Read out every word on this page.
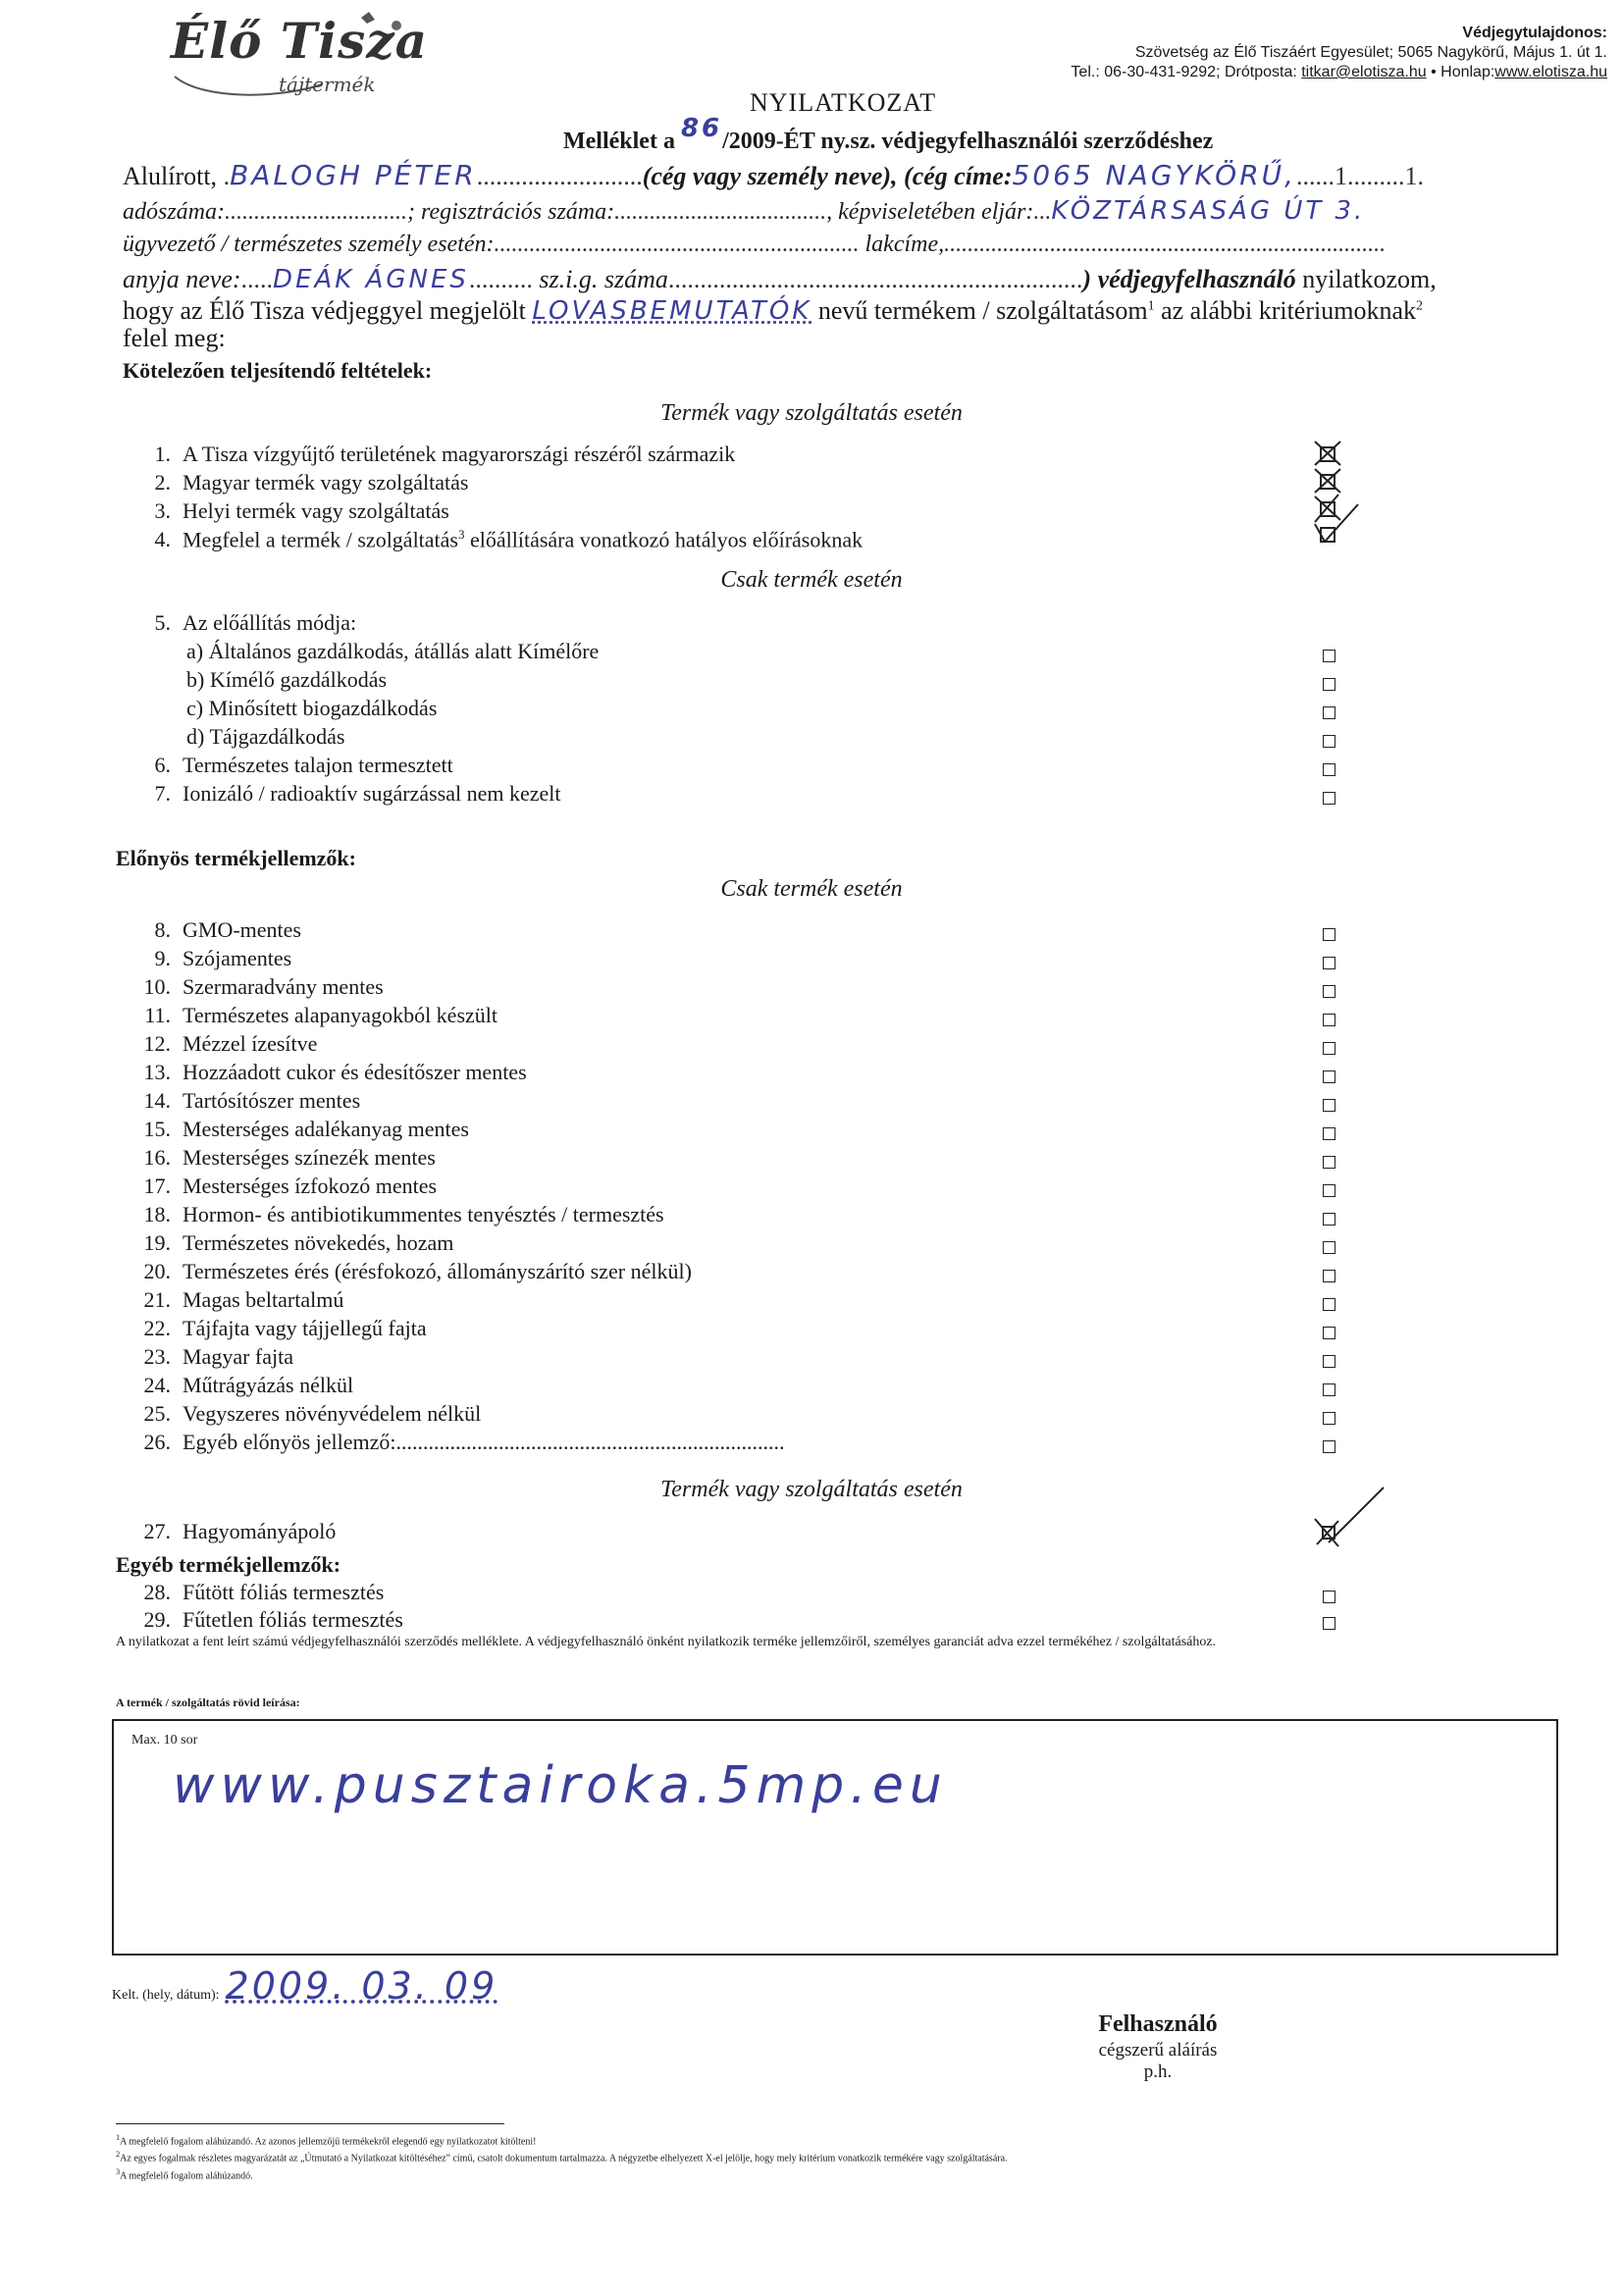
Élő Tisza
tájtermék
Védjegytulajdonos:
Szövetség az Élő Tiszáért Egyesület; 5065 Nagykörű, Május 1. út 1.
Tel.: 06-30-431-9292; Drótposta: titkar@elotisza.hu • Honlap:www.elotisza.hu
NYILATKOZAT
Melléklet a 86/2009-ÉT ny.sz. védjegyfelhasználói szerződéshez
Alulírott, .BALOGH PÉTER..........................(cég vagy személy neve), (cég címe:5065 NAGYKÖRŰ,......1.........1.
adószáma:...............................; regisztrációs száma:...................................., képviseletében eljár:...KÖZTÁRSASÁG ÚT 3.
ügyvezető / természetes személy esetén:.............................................................. lakcíme,...........................................................................
anyja neve:.....DEÁK ÁGNES.......... sz.i.g. száma.................................................................) védjegyfelhasználó nyilatkozom,
hogy az Élő Tisza védjeggyel megjelölt LOVASBEMUTATÓK nevű termékem / szolgáltatásom$^1$ az alábbi kritériumoknak$^2$
felel meg:
Kötelezően teljesítendő feltételek:
Termék vagy szolgáltatás esetén
1. A Tisza vízgyűjtő területének magyarországi részéről származik
2. Magyar termék vagy szolgáltatás
3. Helyi termék vagy szolgáltatás
4. Megfelel a termék / szolgáltatás$^3$ előállítására vonatkozó hatályos előírásoknak
Csak termék esetén
5. Az előállítás módja:
a) Általános gazdálkodás, átállás alatt Kímélőre
b) Kímélő gazdálkodás
c) Minősített biogazdálkodás
d) Tájgazdálkodás
6. Természetes talajon termesztett
7. Ionizáló / radioaktív sugárzással nem kezelt
Előnyös termékjellemzők:
Csak termék esetén
8. GMO-mentes
9. Szójamentes
10. Szermaradvány mentes
11. Természetes alapanyagokból készült
12. Mézzel ízesítve
13. Hozzáadott cukor és édesítőszer mentes
14. Tartósítószer mentes
15. Mesterséges adalékanyag mentes
16. Mesterséges színezék mentes
17. Mesterséges ízfokozó mentes
18. Hormon- és antibiotikummentes tenyésztés / termesztés
19. Természetes növekedés, hozam
20. Természetes érés (érésfokozó, állományszárító szer nélkül)
21. Magas beltartalmú
22. Tájfajta vagy tájjellegű fajta
23. Magyar fajta
24. Műtrágyázás nélkül
25. Vegyszeres növényvédelem nélkül
26. Egyéb előnyös jellemző:........................................................................
Termék vagy szolgáltatás esetén
27. Hagyományápoló
Egyéb termékjellemzők:
28. Fűtött fóliás termesztés
29. Fűtetlen fóliás termesztés
A nyilatkozat a fent leírt számú védjegyfelhasználói szerződés melléklete. A védjegyfelhasználó önként nyilatkozik terméke jellemzőiről, személyes garanciát adva ezzel termékéhez / szolgáltatásához.
A termék / szolgáltatás rövid leírása:
Max. 10 sor
www.pusztairoka.5mp.eu
Kelt. (hely, dátum): 2009. 03. 09
Felhasználó
cégszerű aláírás
p.h.
$^1$A megfelelő fogalom aláhúzandó. Az azonos jellemzőjű termékekről elegendő egy nyilatkozatot kitölteni!
$^2$Az egyes fogalmak részletes magyarázatát az „Útmutató a Nyilatkozat kitöltéséhez” című, csatolt dokumentum tartalmazza. A négyzetbe elhelyezett X-el jelölje, hogy mely kritérium vonatkozik termékére vagy szolgáltatására.
$^3$A megfelelő fogalom aláhúzandó.
